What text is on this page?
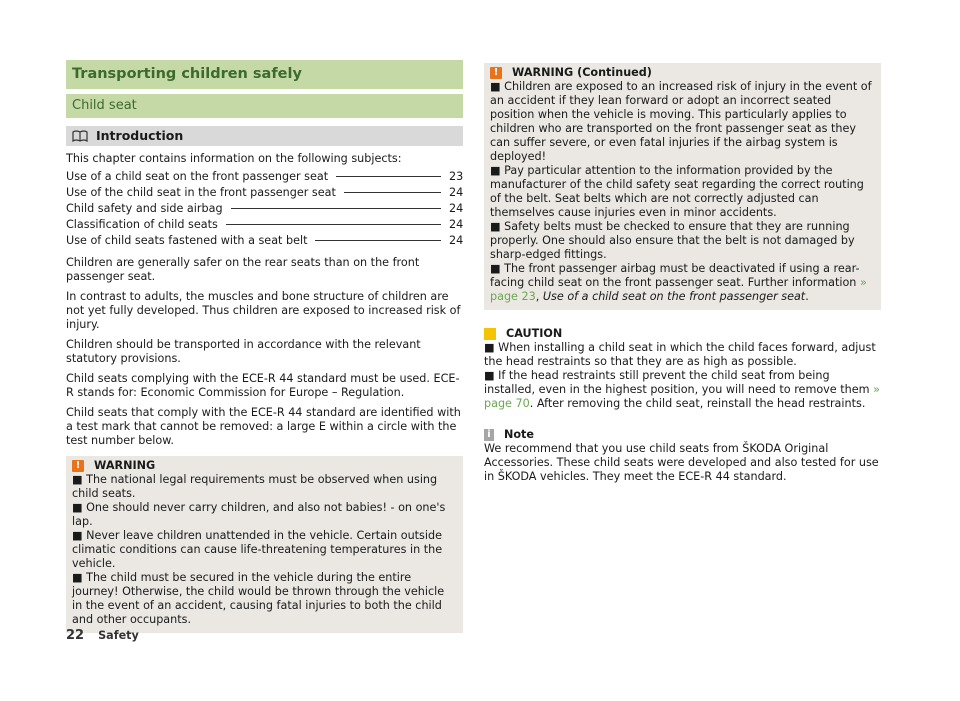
Transporting children safely
Child seat
Introduction

This chapter contains information on the following subjects:

Use of a child seat on the front passenger seat	23
Use of the child seat in the front passenger seat	24
Child safety and side airbag	24
Classification of child seats	24
Use of child seats fastened with a seat belt	24

Children are generally safer on the rear seats than on the front passenger seat.

In contrast to adults, the muscles and bone structure of children are not yet fully developed. Thus children are exposed to increased risk of injury.

Children should be transported in accordance with the relevant statutory provisions.

Child seats complying with the ECE-R 44 standard must be used. ECE-R stands for: Economic Commission for Europe – Regulation.

Child seats that comply with the ECE-R 44 standard are identified with a test mark that cannot be removed: a large E within a circle with the test number below.

!	WARNING

■ The national legal requirements must be observed when using child seats.

■ One should never carry children, and also not babies! - on one's lap.

■ Never leave children unattended in the vehicle. Certain outside climatic conditions can cause life-threatening temperatures in the vehicle.

■ The child must be secured in the vehicle during the entire journey! Otherwise, the child would be thrown through the vehicle in the event of an accident, causing fatal injuries to both the child and other occupants.

!	WARNING (Continued)

■ Children are exposed to an increased risk of injury in the event of an accident if they lean forward or adopt an incorrect seated position when the vehicle is moving. This particularly applies to children who are transported on the front passenger seat as they can suffer severe, or even fatal injuries if the airbag system is deployed!

■ Pay particular attention to the information provided by the manufacturer of the child safety seat regarding the correct routing of the belt. Seat belts which are not correctly adjusted can themselves cause injuries even in minor accidents.

■ Safety belts must be checked to ensure that they are running properly. One should also ensure that the belt is not damaged by sharp-edged fittings.

■ The front passenger airbag must be deactivated if using a rear-facing child seat on the front passenger seat. Further information » page 23, Use of a child seat on the front passenger seat.

CAUTION

■ When installing a child seat in which the child faces forward, adjust the head restraints so that they are as high as possible.

■ If the head restraints still prevent the child seat from being installed, even in the highest position, you will need to remove them » page 70. After removing the child seat, reinstall the head restraints.

i Note

We recommend that you use child seats from ŠKODA Original Accessories. These child seats were developed and also tested for use in ŠKODA vehicles. They meet the ECE-R 44 standard.

22 Safety
